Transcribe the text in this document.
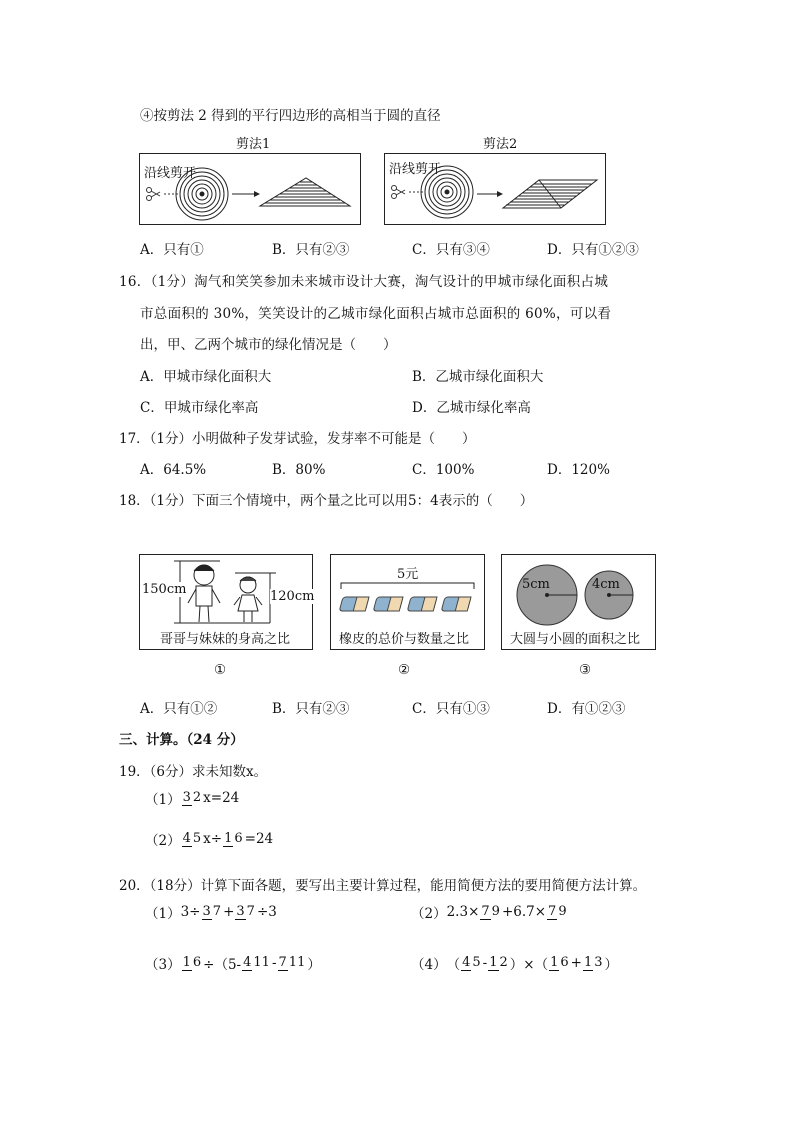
④按剪法 2 得到的平行四边形的高相当于圆的直径
剪法1	剪法2
沿线剪开	沿线剪开
A．只有①	B．只有②③	C．只有③④	D．只有①②③
16．（1分）淘气和笑笑参加未来城市设计大赛，淘气设计的甲城市绿化面积占城
市总面积的 30%，笑笑设计的乙城市绿化面积占城市总面积的 60%，可以看
出，甲、乙两个城市的绿化情况是（　　）
A．甲城市绿化面积大	B．乙城市绿化面积大
C．甲城市绿化率高	D．乙城市绿化率高
17．（1分）小明做种子发芽试验，发芽率不可能是（　　）
A．64.5%	B．80%	C．100%	D．120%
18．（1分）下面三个情境中，两个量之比可以用5：4表示的（　　）
150cm	120cm
哥哥与妹妹的身高之比
5元
橡皮的总价与数量之比
5cm	4cm
大圆与小圆的面积之比
①	②	③
A．只有①②	B．只有②③	C．只有①③	D．有①②③
三、计算。（24 分）
19．（6分）求未知数x。
（1） 3 2 x=24
（2） 4 5 x÷ 1 6 =24
20．（18分）计算下面各题，要写出主要计算过程，能用简便方法的要用简便方法计算。
（1） 3÷ 3 7 + 3 7 ÷3	（2） 2.3× 7 9 +6.7× 7 9
（3） 1 6 ÷（5- 4 11 - 7 11 ）	（4） （ 4 5 - 1 2 ）×（ 1 6 + 1 3 ）
